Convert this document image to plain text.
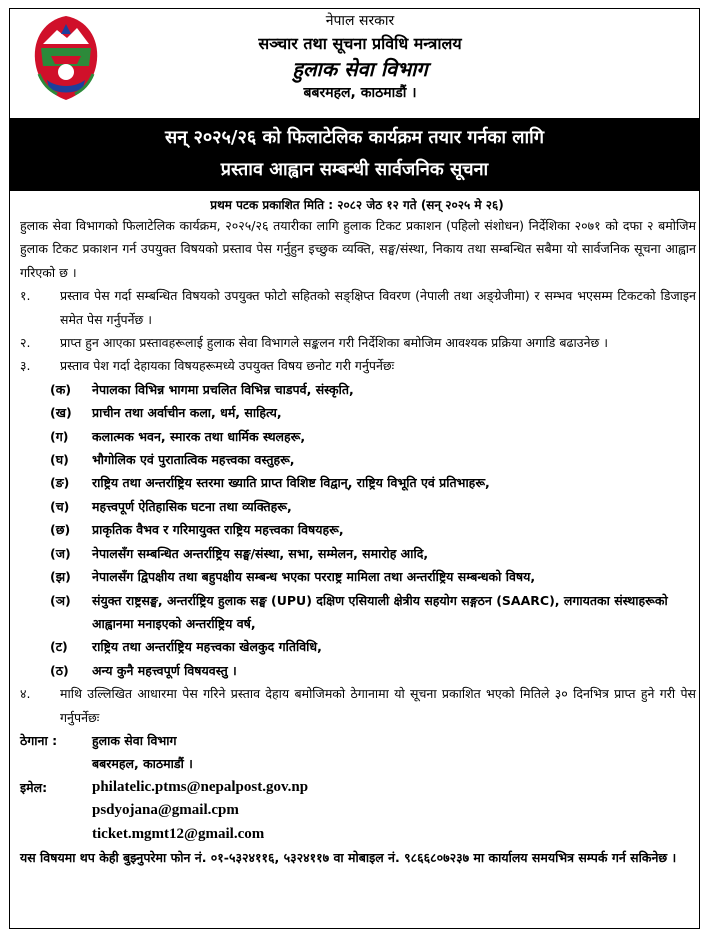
नेपाल सरकार
सञ्चार तथा सूचना प्रविधि मन्त्रालय
हुलाक सेवा विभाग
बबरमहल, काठमाडौं ।
सन् २०२५/२६ को फिलाटेलिक कार्यक्रम तयार गर्नका लागि
प्रस्ताव आह्वान सम्बन्धी सार्वजनिक सूचना
प्रथम पटक प्रकाशित मिति : २०८२ जेठ १२ गते (सन् २०२५ मे २६)

हुलाक सेवा विभागको फिलाटेलिक कार्यक्रम, २०२५/२६ तयारीका लागि हुलाक टिकट प्रकाशन (पहिलो संशोधन) निर्देशिका २०७१ को दफा २ बमोजिम हुलाक टिकट प्रकाशन गर्न उपयुक्त विषयको प्रस्ताव पेस गर्नुहुन इच्छुक व्यक्ति, सङ्घ/संस्था, निकाय तथा सम्बन्धित सबैमा यो सार्वजनिक सूचना आह्वान गरिएको छ ।

१.	प्रस्ताव पेस गर्दा सम्बन्धित विषयको उपयुक्त फोटो सहितको सङ्क्षिप्त विवरण (नेपाली तथा अङ्ग्रेजीमा) र सम्भव भएसम्म टिकटको डिजाइन समेत पेस गर्नुपर्नेछ ।
२.	प्राप्त हुन आएका प्रस्तावहरूलाई हुलाक सेवा विभागले सङ्कलन गरी निर्देशिका बमोजिम आवश्यक प्रक्रिया अगाडि बढाउनेछ ।
३.	प्रस्ताव पेश गर्दा देहायका विषयहरूमध्ये उपयुक्त विषय छनोट गरी गर्नुपर्नेछः
(क)	नेपालका विभिन्न भागमा प्रचलित विभिन्न चाडपर्व, संस्कृति,
(ख)	प्राचीन तथा अर्वाचीन कला, धर्म, साहित्य,
(ग)	कलात्मक भवन, स्मारक तथा धार्मिक स्थलहरू,
(घ)	भौगोलिक एवं पुरातात्विक महत्त्वका वस्तुहरू,
(ङ)	राष्ट्रिय तथा अन्तर्राष्ट्रिय स्तरमा ख्याति प्राप्त विशिष्ट विद्वान्, राष्ट्रिय विभूति एवं प्रतिभाहरू,
(च)	महत्त्वपूर्ण ऐतिहासिक घटना तथा व्यक्तिहरू,
(छ)	प्राकृतिक वैभव र गरिमायुक्त राष्ट्रिय महत्त्वका विषयहरू,
(ज)	नेपालसँग सम्बन्धित अन्तर्राष्ट्रिय सङ्घ/संस्था, सभा, सम्मेलन, समारोह आदि,
(झ)	नेपालसँग द्विपक्षीय तथा बहुपक्षीय सम्बन्ध भएका परराष्ट्र मामिला तथा अन्तर्राष्ट्रिय सम्बन्धको विषय,
(ञ)	संयुक्त राष्ट्रसङ्घ, अन्तर्राष्ट्रिय हुलाक सङ्घ (UPU) दक्षिण एसियाली क्षेत्रीय सहयोग सङ्गठन (SAARC), लगायतका संस्थाहरूको आह्वानमा मनाइएको अन्तर्राष्ट्रिय वर्ष,
(ट)	राष्ट्रिय तथा अन्तर्राष्ट्रिय महत्त्वका खेलकुद गतिविधि,
(ठ)	अन्य कुनै महत्त्वपूर्ण विषयवस्तु ।
४.	माथि उल्लिखित आधारमा पेस गरिने प्रस्ताव देहाय बमोजिमको ठेगानामा यो सूचना प्रकाशित भएको मितिले ३० दिनभित्र प्राप्त हुने गरी पेस गर्नुपर्नेछः
ठेगाना :	हुलाक सेवा विभाग
बबरमहल, काठमाडौं ।
इमेल:	philatelic.ptms@nepalpost.gov.np
psdyojana@gmail.cpm
ticket.mgmt12@gmail.com

यस विषयमा थप केही बुझ्नुपरेमा फोन नं. ०१-५३२४११६, ५३२४११७ वा मोबाइल नं. ९८६६८०७२३७ मा कार्यालय समयभित्र सम्पर्क गर्न सकिनेछ ।
